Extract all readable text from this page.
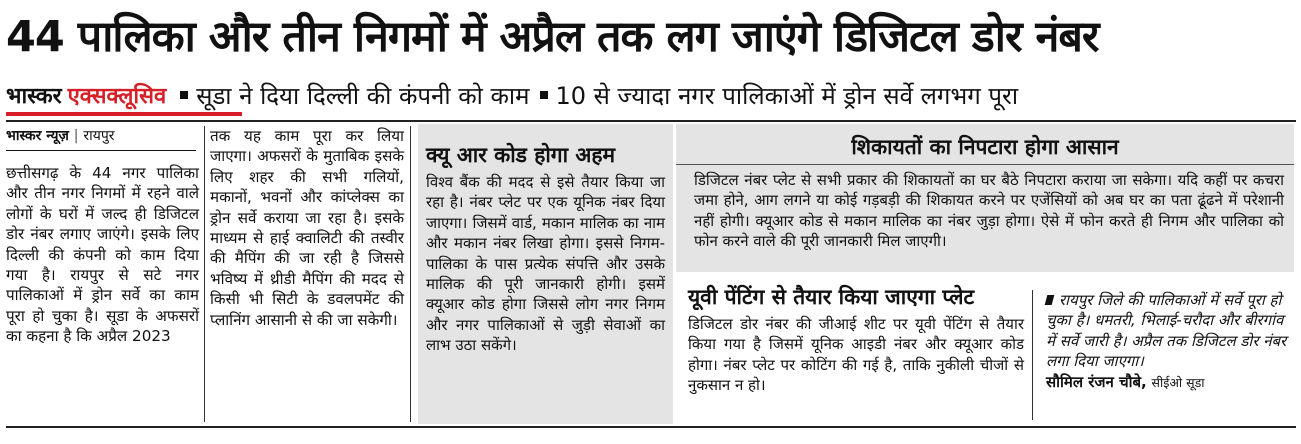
44 पालिका और तीन निगमों में अप्रैल तक लग जाएंगे डिजिटल डोर नंबर
भास्कर एक्सक्लूसिव सूडा ने दिया दिल्ली की कंपनी को काम 10 से ज्यादा नगर पालिकाओं में ड्रोन सर्वे लगभग पूरा
भास्कर न्यूज़ | रायपुर
छत्तीसगढ़ के 44 नगर पालिका और तीन नगर निगमों में रहने वाले लोगों के घरों में जल्द ही डिजिटल डोर नंबर लगाए जाएंगे। इसके लिए दिल्ली की कंपनी को काम दिया गया है। रायपुर से सटे नगर पालिकाओं में ड्रोन सर्वे का काम पूरा हो चुका है। सूडा के अफसरों का कहना है कि अप्रैल 2023
तक यह काम पूरा कर लिया जाएगा। अफसरों के मुताबिक इसके लिए शहर की सभी गलियों, मकानों, भवनों और कांप्लेक्स का ड्रोन सर्वे कराया जा रहा है। इसके माध्यम से हाई क्वालिटी की तस्वीर की मैपिंग की जा रही है जिससे भविष्य में थ्रीडी मैपिंग की मदद से किसी भी सिटी के डवलपमेंट की प्लानिंग आसानी से की जा सकेगी।
क्यू आर कोड होगा अहम
विश्व बैंक की मदद से इसे तैयार किया जा रहा है। नंबर प्लेट पर एक यूनिक नंबर दिया जाएगा। जिसमें वार्ड, मकान मालिक का नाम और मकान नंबर लिखा होगा। इससे निगम-पालिका के पास प्रत्येक संपत्ति और उसके मालिक की पूरी जानकारी होगी। इसमें क्यूआर कोड होगा जिससे लोग नगर निगम और नगर पालिकाओं से जुड़ी सेवाओं का लाभ उठा सकेंगे।
शिकायतों का निपटारा होगा आसान
डिजिटल नंबर प्लेट से सभी प्रकार की शिकायतों का घर बैठे निपटारा कराया जा सकेगा। यदि कहीं पर कचरा जमा होने, आग लगने या कोई गड़बड़ी की शिकायत करने पर एजेंसियों को अब घर का पता ढूंढने में परेशानी नहीं होगी। क्यूआर कोड से मकान मालिक का नंबर जुड़ा होगा। ऐसे में फोन करते ही निगम और पालिका को फोन करने वाले की पूरी जानकारी मिल जाएगी।
यूवी पेंटिंग से तैयार किया जाएगा प्लेट
डिजिटल डोर नंबर की जीआई शीट पर यूवी पेंटिंग से तैयार किया गया है जिसमें यूनिक आइडी नंबर और क्यूआर कोड होगा। नंबर प्लेट पर कोटिंग की गई है, ताकि नुकीली चीजों से नुकसान न हो।
रायपुर जिले की पालिकाओं में सर्वे पूरा हो चुका है। धमतरी, भिलाई-चरौदा और बीरगांव में सर्वे जारी है। अप्रैल तक डिजिटल डोर नंबर लगा दिया जाएगा।
सौमिल रंजन चौबे, सीईओ सूडा
